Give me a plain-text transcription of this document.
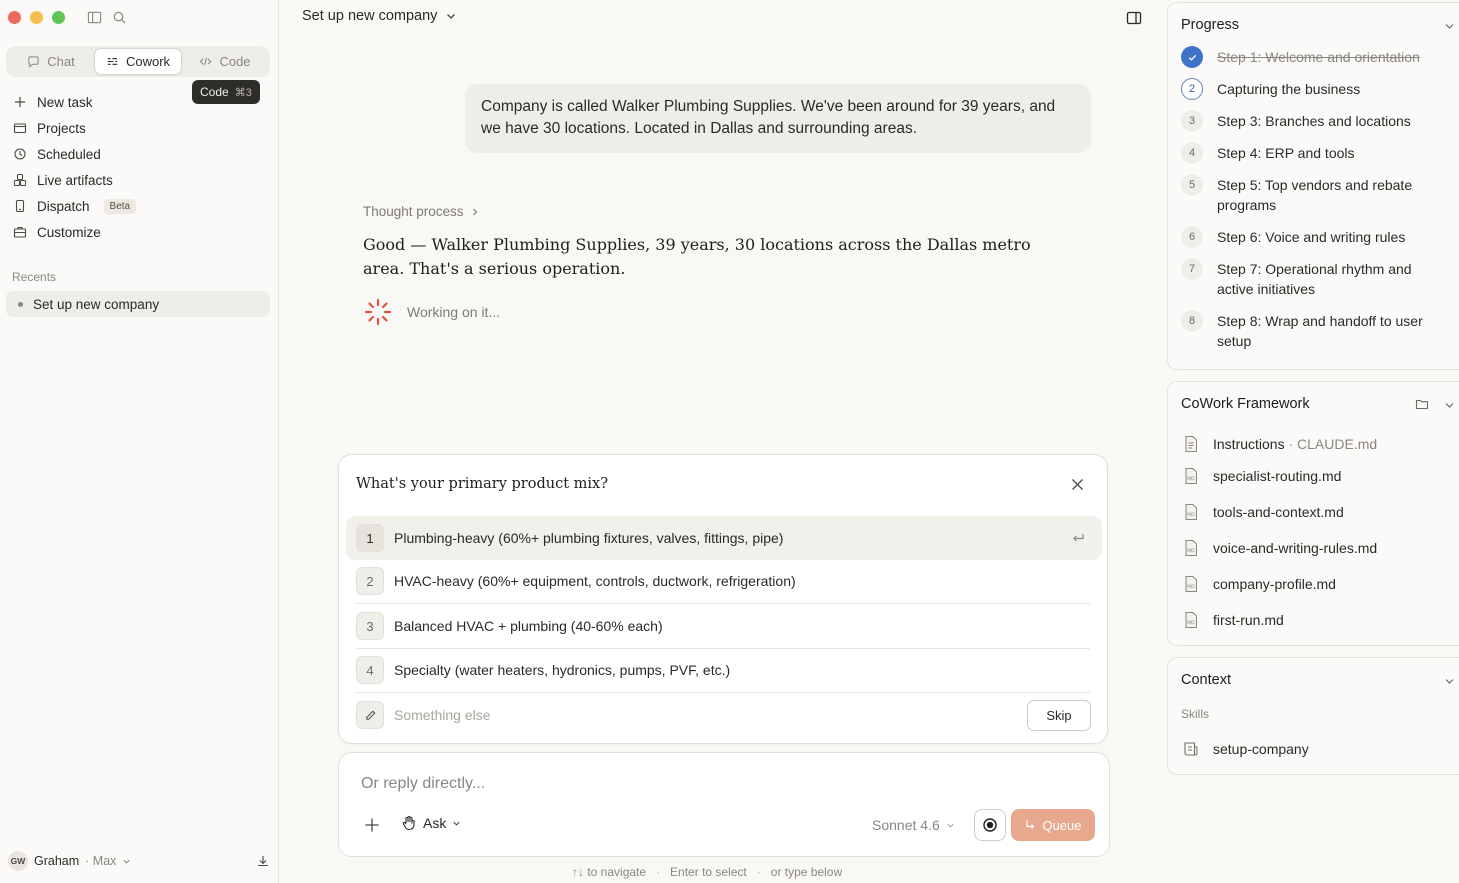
Chat	Cowork	Code
Code ⌘3
New task
Projects
Scheduled
Live artifacts
Dispatch	Beta
Customize
Recents
Set up new company
GW Graham · Max
Set up new company
Company is called Walker Plumbing Supplies. We've been around for 39 years, and we have 30 locations. Located in Dallas and surrounding areas.
Thought process
Good — Walker Plumbing Supplies, 39 years, 30 locations across the Dallas metro area. That's a serious operation.
Working on it...
What's your primary product mix?
1	Plumbing-heavy (60%+ plumbing fixtures, valves, fittings, pipe)
2	HVAC-heavy (60%+ equipment, controls, ductwork, refrigeration)
3	Balanced HVAC + plumbing (40-60% each)
4	Specialty (water heaters, hydronics, pumps, PVF, etc.)
Something else	Skip
Or reply directly...
Ask	Sonnet 4.6	Queue
↑↓ to navigate · Enter to select · or type below
Progress
Step 1: Welcome and orientation
2	Capturing the business
3	Step 3: Branches and locations
4	Step 4: ERP and tools
5	Step 5: Top vendors and rebate programs
6	Step 6: Voice and writing rules
7	Step 7: Operational rhythm and active initiatives
8	Step 8: Wrap and handoff to user setup
CoWork Framework
Instructions · CLAUDE.md
MD specialist-routing.md
MD tools-and-context.md
MD voice-and-writing-rules.md
MD company-profile.md
MD first-run.md
Context
Skills
setup-company
